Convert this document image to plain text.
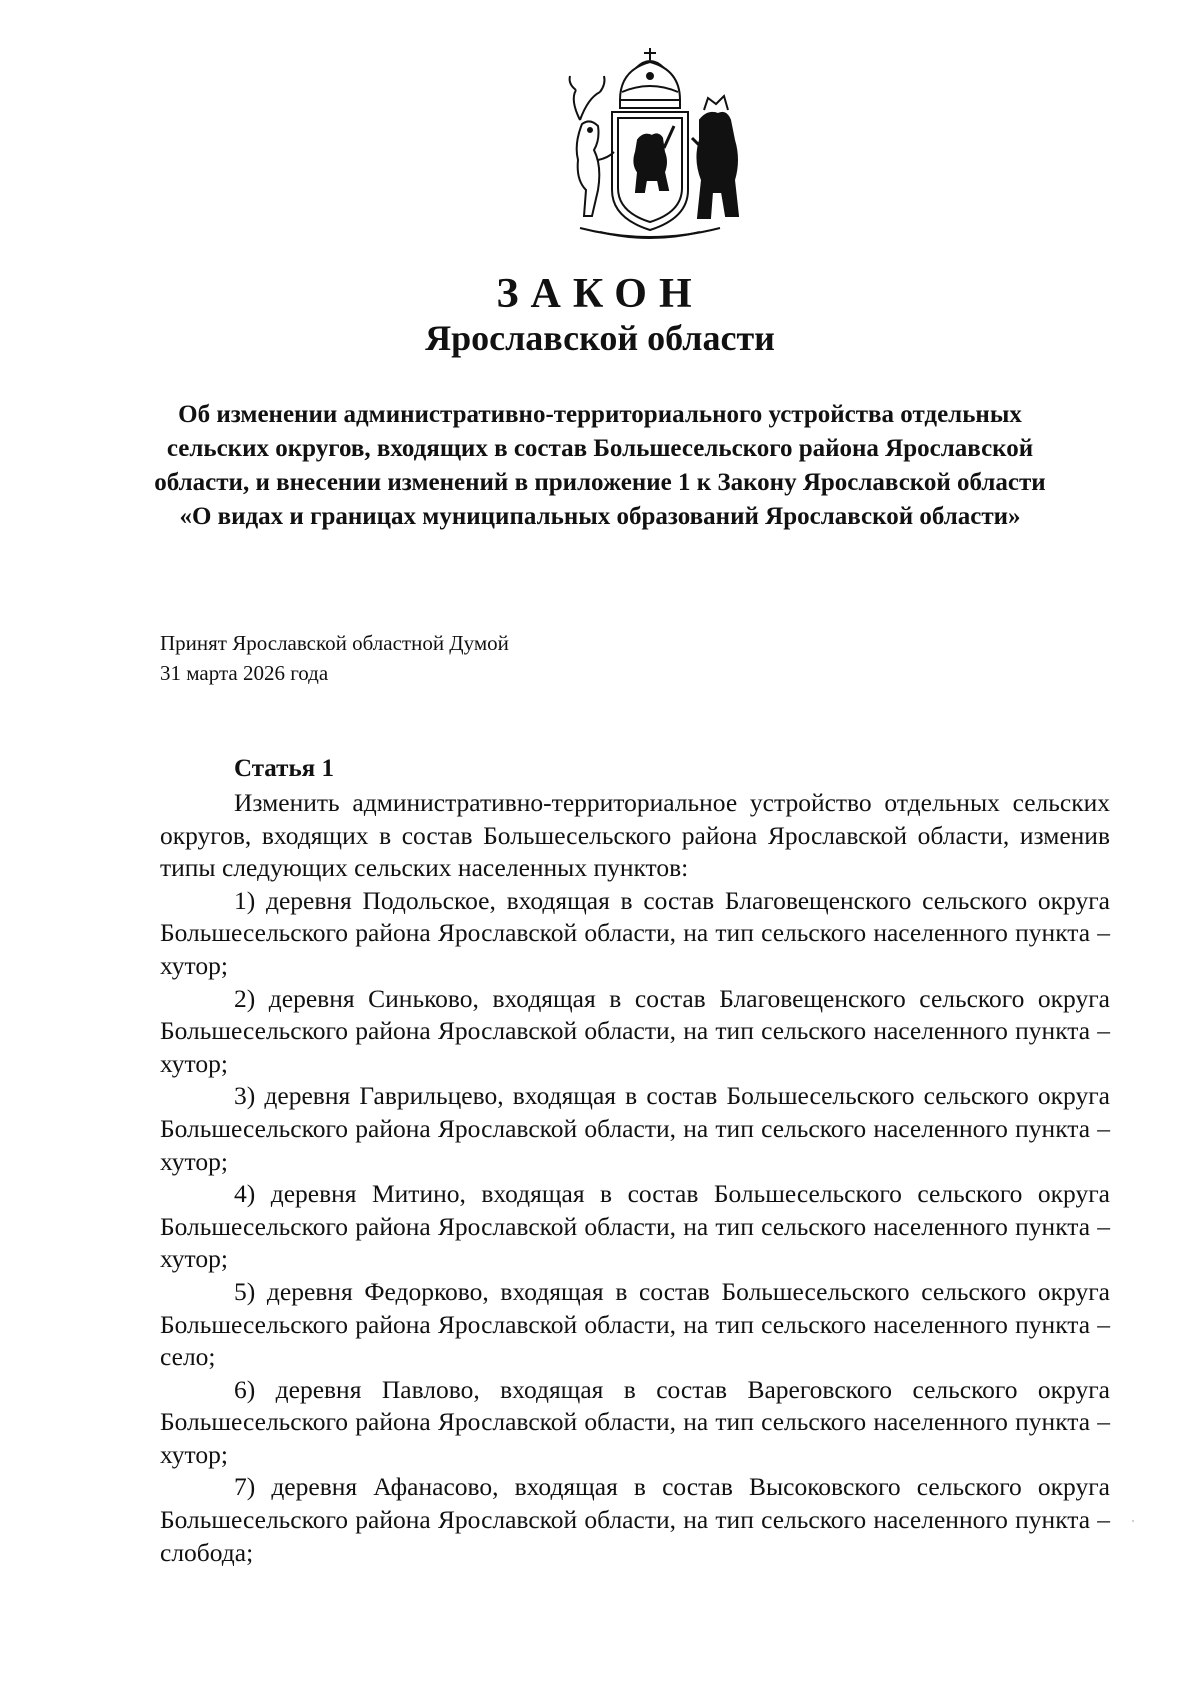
ЗАКОН
Ярославской области
Об изменении административно-территориального устройства отдельных сельских округов, входящих в состав Большесельского района Ярославской области, и внесении изменений в приложение 1 к Закону Ярославской области «О видах и границах муниципальных образований Ярославской области»
Принят Ярославской областной Думой
31 марта 2026 года
Статья 1

Изменить административно-территориальное устройство отдельных сельских округов, входящих в состав Большесельского района Ярославской области, изменив типы следующих сельских населенных пунктов:

1) деревня Подольское, входящая в состав Благовещенского сельского округа Большесельского района Ярославской области, на тип сельского населенного пункта – хутор;

2) деревня Синьково, входящая в состав Благовещенского сельского округа Большесельского района Ярославской области, на тип сельского населенного пункта – хутор;

3) деревня Гаврильцево, входящая в состав Большесельского сельского округа Большесельского района Ярославской области, на тип сельского населенного пункта – хутор;

4) деревня Митино, входящая в состав Большесельского сельского округа Большесельского района Ярославской области, на тип сельского населенного пункта – хутор;

5) деревня Федорково, входящая в состав Большесельского сельского округа Большесельского района Ярославской области, на тип сельского населенного пункта – село;

6) деревня Павлово, входящая в состав Вареговского сельского округа Большесельского района Ярославской области, на тип сельского населенного пункта – хутор;

7) деревня Афанасово, входящая в состав Высоковского сельского округа Большесельского района Ярославской области, на тип сельского населенного пункта – слобода;
